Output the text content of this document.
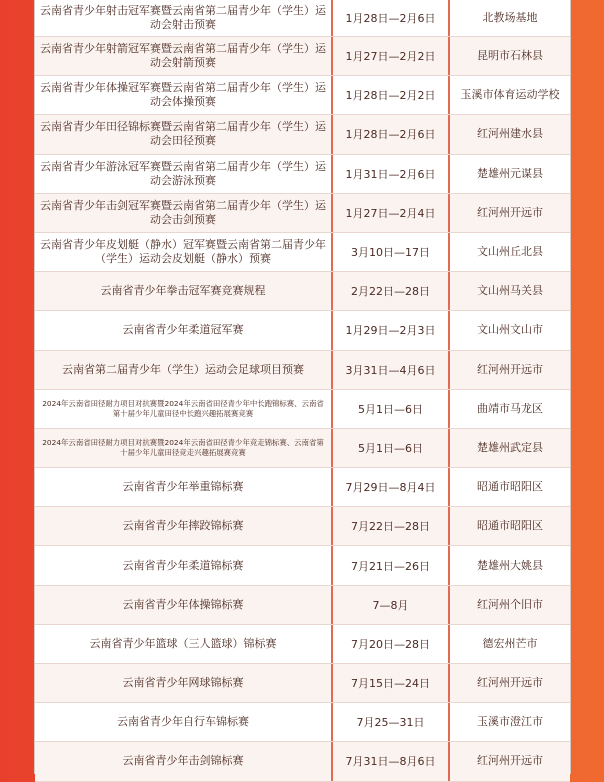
云南省青少年射击冠军赛暨云南省第二届青少年（学生）运动会射击预赛	1月28日—2月6日	北教场基地
云南省青少年射箭冠军赛暨云南省第二届青少年（学生）运动会射箭预赛	1月27日—2月2日	昆明市石林县
云南省青少年体操冠军赛暨云南省第二届青少年（学生）运动会体操预赛	1月28日—2月2日	玉溪市体育运动学校
云南省青少年田径锦标赛暨云南省第二届青少年（学生）运动会田径预赛	1月28日—2月6日	红河州建水县
云南省青少年游泳冠军赛暨云南省第二届青少年（学生）运动会游泳预赛	1月31日—2月6日	楚雄州元谋县
云南省青少年击剑冠军赛暨云南省第二届青少年（学生）运动会击剑预赛	1月27日—2月4日	红河州开远市
云南省青少年皮划艇（静水）冠军赛暨云南省第二届青少年（学生）运动会皮划艇（静水）预赛	3月10日—17日	文山州丘北县
云南省青少年拳击冠军赛竞赛规程	2月22日—28日	文山州马关县
云南省青少年柔道冠军赛	1月29日—2月3日	文山州文山市
云南省第二届青少年（学生）运动会足球项目预赛	3月31日—4月6日	红河州开远市
2024年云南省田径耐力项目对抗赛暨2024年云南省田径青少年中长跑锦标赛、云南省第十届少年儿童田径中长跑兴趣拓展赛竞赛	5月1日—6日	曲靖市马龙区
2024年云南省田径耐力项目对抗赛暨2024年云南省田径青少年竞走锦标赛、云南省第十届少年儿童田径竞走兴趣拓展赛竞赛	5月1日—6日	楚雄州武定县
云南省青少年举重锦标赛	7月29日—8月4日	昭通市昭阳区
云南省青少年摔跤锦标赛	7月22日—28日	昭通市昭阳区
云南省青少年柔道锦标赛	7月21日—26日	楚雄州大姚县
云南省青少年体操锦标赛	7—8月	红河州个旧市
云南省青少年篮球（三人篮球）锦标赛	7月20日—28日	德宏州芒市
云南省青少年网球锦标赛	7月15日—24日	红河州开远市
云南省青少年自行车锦标赛	7月25—31日	玉溪市澄江市
云南省青少年击剑锦标赛	7月31日—8月6日	红河州开远市
